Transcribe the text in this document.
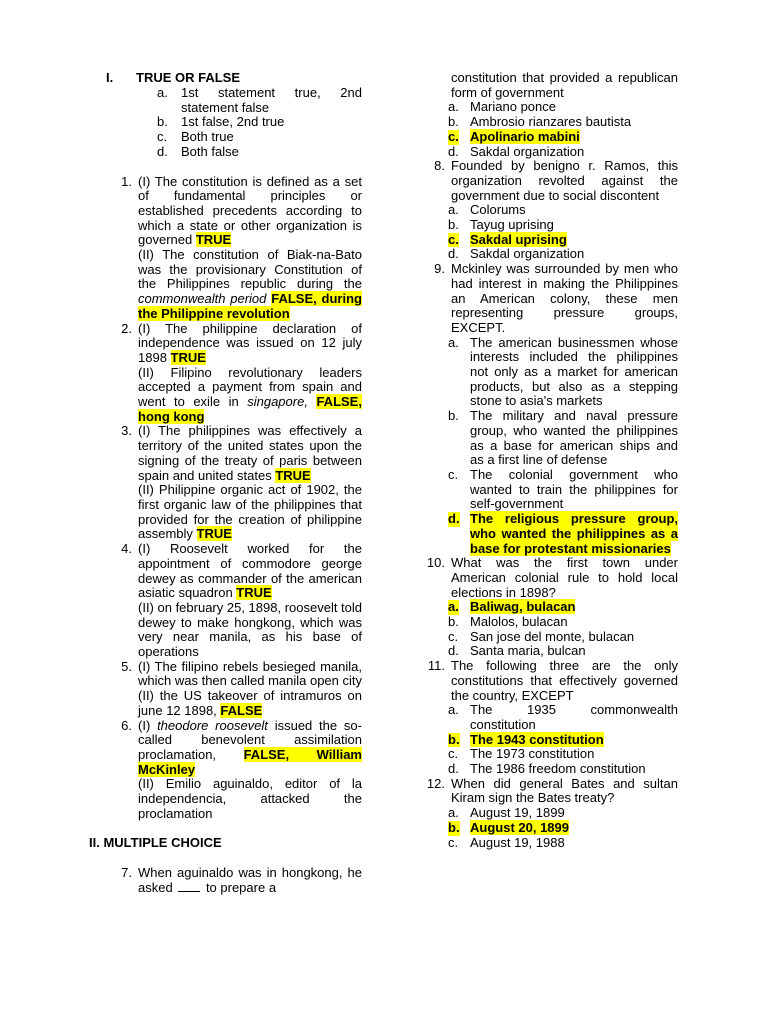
I. TRUE OR FALSE
a. 1st statement true, 2nd statement false
b. 1st false, 2nd true
c. Both true
d. Both false
1. (I) The constitution is defined as a set of fundamental principles or established precedents according to which a state or other organization is governed TRUE
(II) The constitution of Biak-na-Bato was the provisionary Constitution of the Philippines republic during the commonwealth period FALSE, during the Philippine revolution
2. (I) The philippine declaration of independence was issued on 12 july 1898 TRUE
(II) Filipino revolutionary leaders accepted a payment from spain and went to exile in singapore, FALSE, hong kong
3. (I) The philippines was effectively a territory of the united states upon the signing of the treaty of paris between spain and united states TRUE
(II) Philippine organic act of 1902, the first organic law of the philippines that provided for the creation of philippine assembly TRUE
4. (I) Roosevelt worked for the appointment of commodore george dewey as commander of the american asiatic squadron TRUE
(II) on february 25, 1898, roosevelt told dewey to make hongkong, which was very near manila, as his base of operations
5. (I) The filipino rebels besieged manila, which was then called manila open city
(II) the US takeover of intramuros on june 12 1898, FALSE
6. (I) theodore roosevelt issued the so-called benevolent assimilation proclamation, FALSE, William McKinley
(II) Emilio aguinaldo, editor of la independencia, attacked the proclamation
II. MULTIPLE CHOICE
7. When aguinaldo was in hongkong, he asked  to prepare a
constitution that provided a republican form of government
a. Mariano ponce
b. Ambrosio rianzares bautista
c. Apolinario mabini
d. Sakdal organization
8. Founded by benigno r. Ramos, this organization revolted against the government due to social discontent
a. Colorums
b. Tayug uprising
c. Sakdal uprising
d. Sakdal organization
9. Mckinley was surrounded by men who had interest in making the Philippines an American colony, these men representing pressure groups, EXCEPT.
a. The american businessmen whose interests included the philippines not only as a market for american products, but also as a stepping stone to asia's markets
b. The military and naval pressure group, who wanted the philippines as a base for american ships and as a first line of defense
c. The colonial government who wanted to train the philippines for self-government
d. The religious pressure group, who wanted the philippines as a base for protestant missionaries
10. What was the first town under American colonial rule to hold local elections in 1898?
a. Baliwag, bulacan
b. Malolos, bulacan
c. San jose del monte, bulacan
d. Santa maria, bulcan
11. The following three are the only constitutions that effectively governed the country, EXCEPT
a. The 1935 commonwealth constitution
b. The 1943 constitution
c. The 1973 constitution
d. The 1986 freedom constitution
12. When did general Bates and sultan Kiram sign the Bates treaty?
a. August 19, 1899
b. August 20, 1899
c. August 19, 1988
